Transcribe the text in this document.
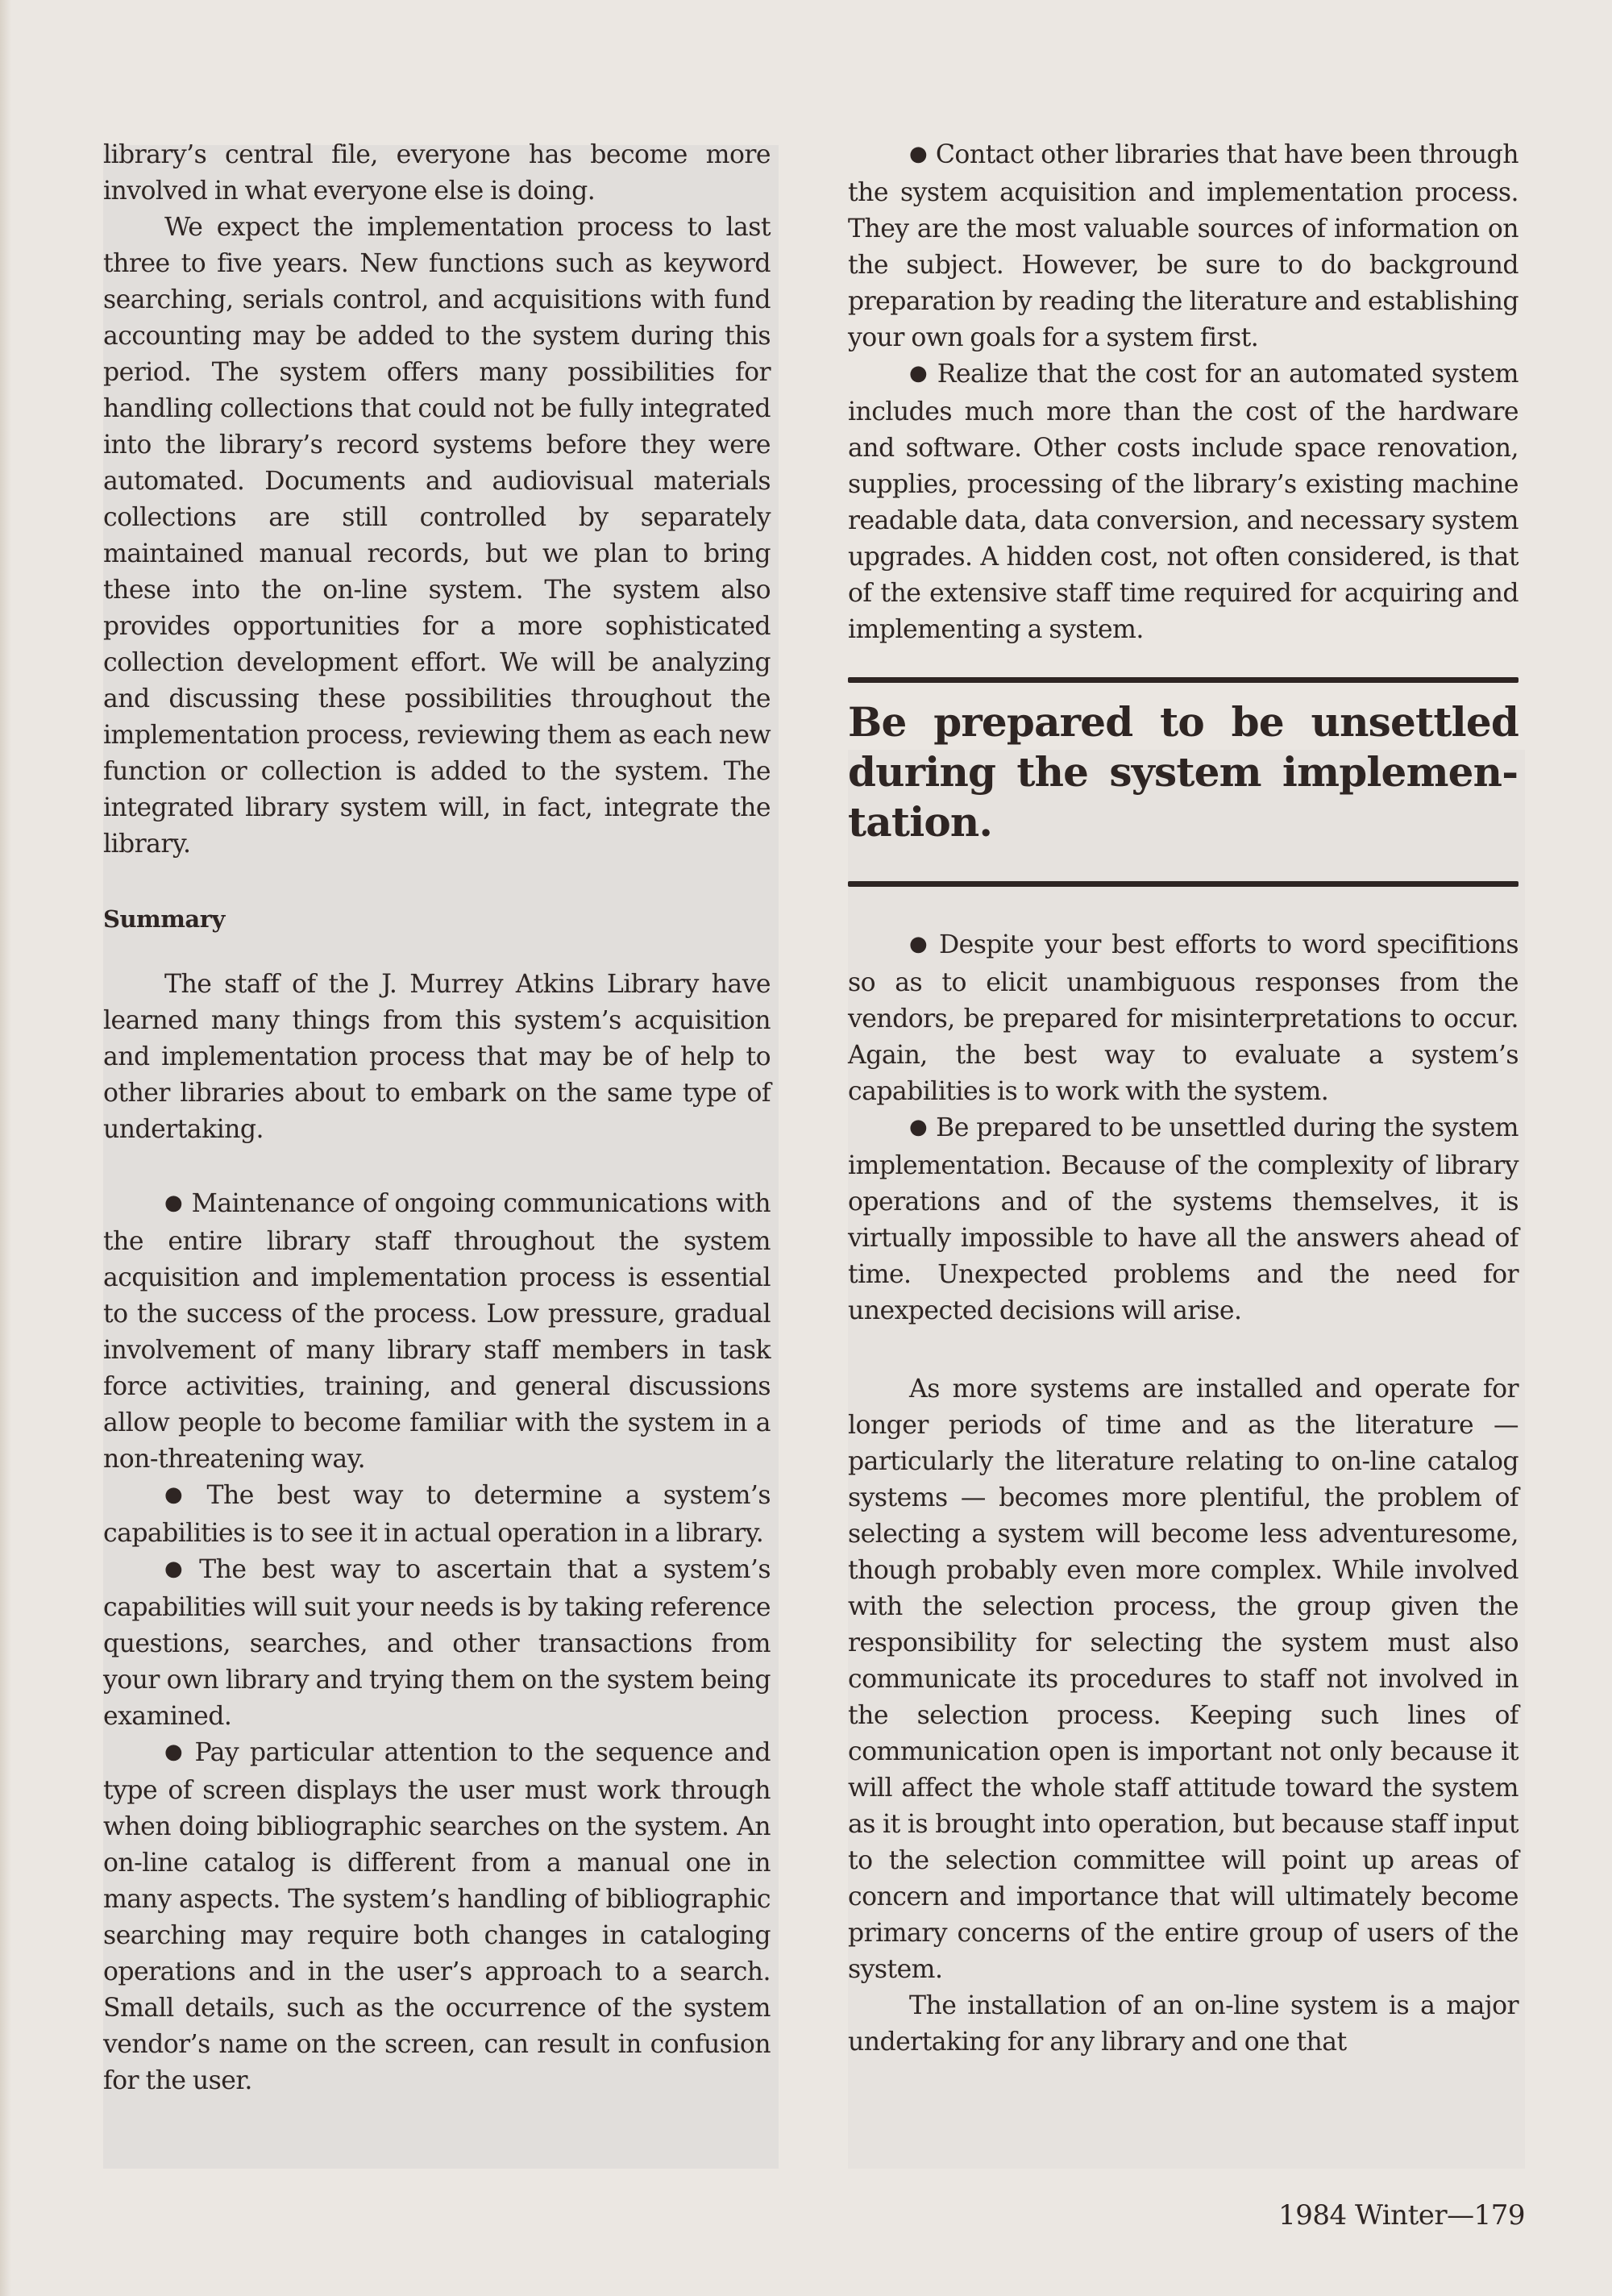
library’s central file, everyone has become more involved in what everyone else is doing.

We expect the implementation process to last three to five years. New functions such as keyword searching, serials control, and acquisitions with fund accounting may be added to the system during this period. The system offers many possibilities for handling collections that could not be fully integrated into the library’s record systems before they were automated. Documents and audiovisual materials collections are still controlled by separately maintained manual records, but we plan to bring these into the on-line system. The system also provides opportunities for a more sophisticated collection development effort. We will be analyzing and discussing these possibilities throughout the implementation process, reviewing them as each new function or collection is added to the system. The integrated library system will, in fact, integrate the library.

Summary

The staff of the J. Murrey Atkins Library have learned many things from this system’s acquisition and implementation process that may be of help to other libraries about to embark on the same type of undertaking.

● Maintenance of ongoing communications with the entire library staff throughout the system acquisition and implementation process is essential to the success of the process. Low pressure, gradual involvement of many library staff members in task force activities, training, and general discussions allow people to become familiar with the system in a non-threatening way.

● The best way to determine a system’s capabilities is to see it in actual operation in a library.

● The best way to ascertain that a system’s capabilities will suit your needs is by taking reference questions, searches, and other transactions from your own library and trying them on the system being examined.

● Pay particular attention to the sequence and type of screen displays the user must work through when doing bibliographic searches on the system. An on-line catalog is different from a manual one in many aspects. The system’s handling of bibliographic searching may require both changes in cataloging operations and in the user’s approach to a search. Small details, such as the occurrence of the system vendor’s name on the screen, can result in confusion for the user.

● Contact other libraries that have been through the system acquisition and implementation process. They are the most valuable sources of information on the subject. However, be sure to do background preparation by reading the literature and establishing your own goals for a system first.

● Realize that the cost for an automated system includes much more than the cost of the hardware and software. Other costs include space renovation, supplies, processing of the library’s existing machine readable data, data conversion, and necessary system upgrades. A hidden cost, not often considered, is that of the extensive staff time required for acquiring and implementing a system.

Be prepared to be unsettled during the system implementation.

● Despite your best efforts to word specifitions so as to elicit unambiguous responses from the vendors, be prepared for misinterpretations to occur. Again, the best way to evaluate a system’s capabilities is to work with the system.

● Be prepared to be unsettled during the system implementation. Because of the complexity of library operations and of the systems themselves, it is virtually impossible to have all the answers ahead of time. Unexpected problems and the need for unexpected decisions will arise.

As more systems are installed and operate for longer periods of time and as the literature — particularly the literature relating to on-line catalog systems — becomes more plentiful, the problem of selecting a system will become less adventuresome, though probably even more complex. While involved with the selection process, the group given the responsibility for selecting the system must also communicate its procedures to staff not involved in the selection process. Keeping such lines of communication open is important not only because it will affect the whole staff attitude toward the system as it is brought into operation, but because staff input to the selection committee will point up areas of concern and importance that will ultimately become primary concerns of the entire group of users of the system.

The installation of an on-line system is a major undertaking for any library and one that

1984 Winter—179
